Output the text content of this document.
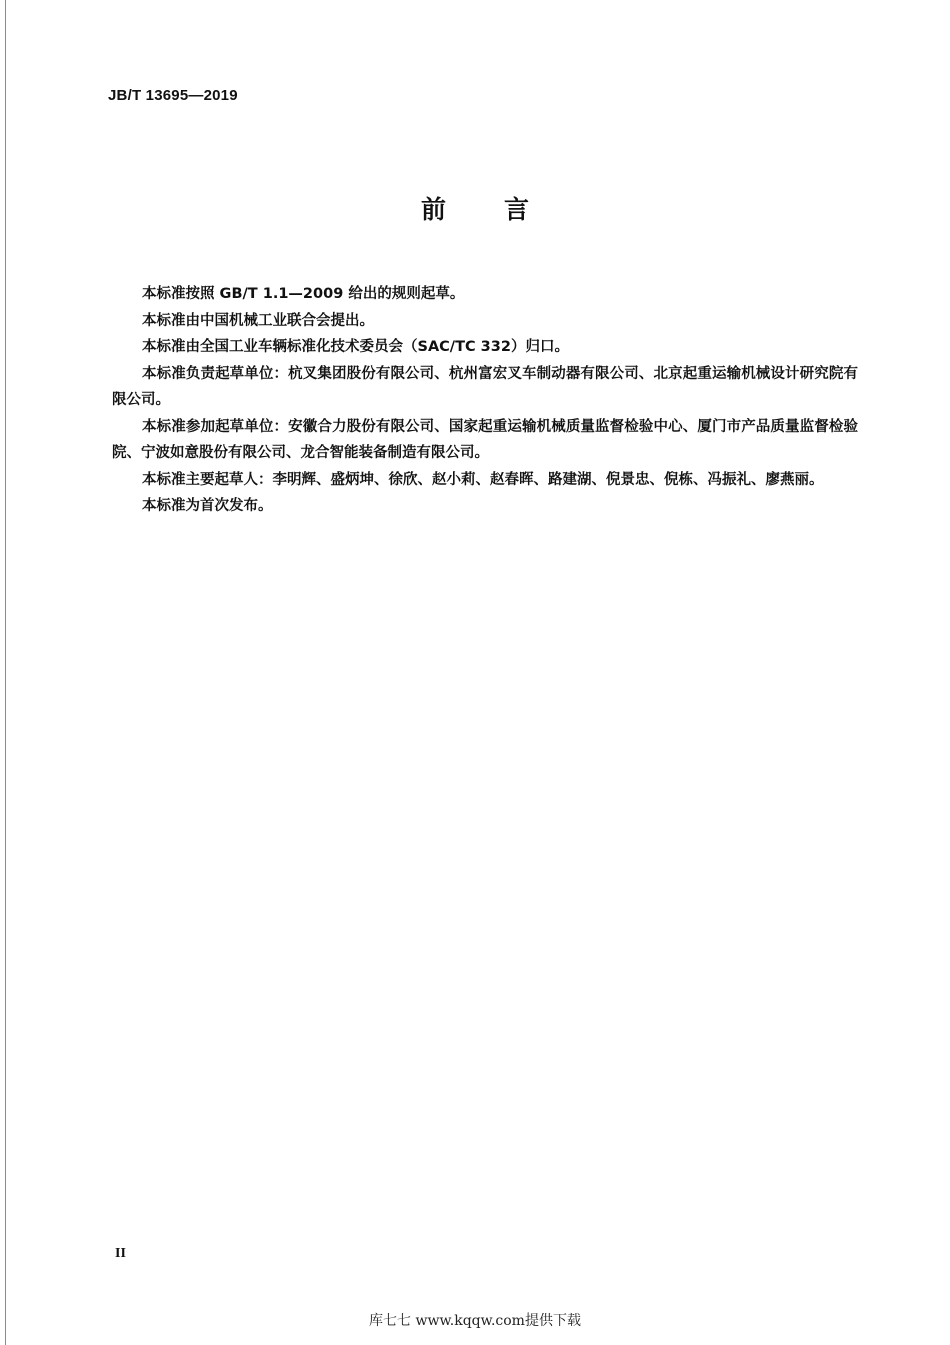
JB/T 13695—2019
前 言

本标准按照 GB/T 1.1—2009 给出的规则起草。

本标准由中国机械工业联合会提出。

本标准由全国工业车辆标准化技术委员会（SAC/TC 332）归口。

本标准负责起草单位：杭叉集团股份有限公司、杭州富宏叉车制动器有限公司、北京起重运输机械设计研究院有限公司。

本标准参加起草单位：安徽合力股份有限公司、国家起重运输机械质量监督检验中心、厦门市产品质量监督检验院、宁波如意股份有限公司、龙合智能装备制造有限公司。

本标准主要起草人：李明辉、盛炳坤、徐欣、赵小莉、赵春晖、路建湖、倪景忠、倪栋、冯振礼、廖燕丽。

本标准为首次发布。

II
库七七 www.kqqw.com提供下载
